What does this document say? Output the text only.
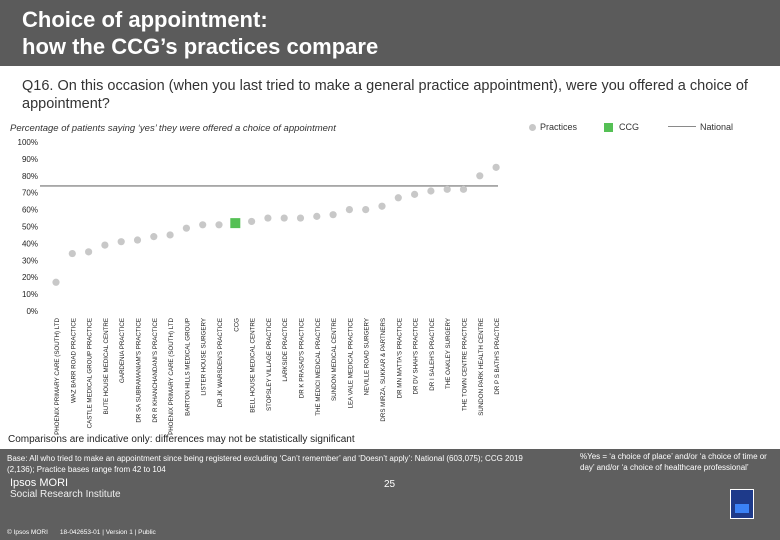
Choice of appointment:
how the CCG’s practices compare
Q16. On this occasion (when you last tried to make a general practice appointment), were you offered a choice of appointment?
Percentage of patients saying ‘yes’ they were offered a choice of appointment	Practices	CCG	National
0%
10%
20%
30%
40%
50%
60%
70%
80%
90%
100%
PHOENIX PRIMARY CARE (SOUTH) LTD WAZ BARR ROAD PRACTICE CASTLE MEDICAL GROUP PRACTICE BUTE HOUSE MEDICAL CENTRE GARDENIA PRACTICE DR SA SUBRAMANIAM'S PRACTICE DR R KHANCHANDANI'S PRACTICE PHOENIX PRIMARY CARE (SOUTH) LTD BARTON HILLS MEDICAL GROUP LISTER HOUSE SURGERY DR JK WARSDEN'S PRACTICE CCG BELL HOUSE MEDICAL CENTRE STOPSLEY VILLAGE PRACTICE LARKSIDE PRACTICE DR K PRASAD'S PRACTICE THE MEDICI MEDICAL PRACTICE SUNDON MEDICAL CENTRE LEA VALE MEDICAL PRACTICE NEVILLE ROAD SURGERY DRS MIRZA, SUKKAR & PARTNERS DR MN MATTA'S PRACTICE DR DV SHAH'S PRACTICE DR I SALEH'S PRACTICE THE OAKLEY SURGERY THE TOWN CENTRE PRACTICE SUNDON PARK HEALTH CENTRE DR P S BATH'S PRACTICE
Comparisons are indicative only: differences may not be statistically significant
Base: All who tried to make an appointment since being registered excluding ‘Can’t remember’ and ‘Doesn’t apply’: National (603,075); CCG 2019 (2,136); Practice bases range from 42 to 104
%Yes = ‘a choice of place’ and/or ‘a choice of time or day’ and/or ‘a choice of healthcare professional’
Ipsos MORI
Social Research Institute
25
© Ipsos MORI 18-042653-01 | Version 1 | Public
